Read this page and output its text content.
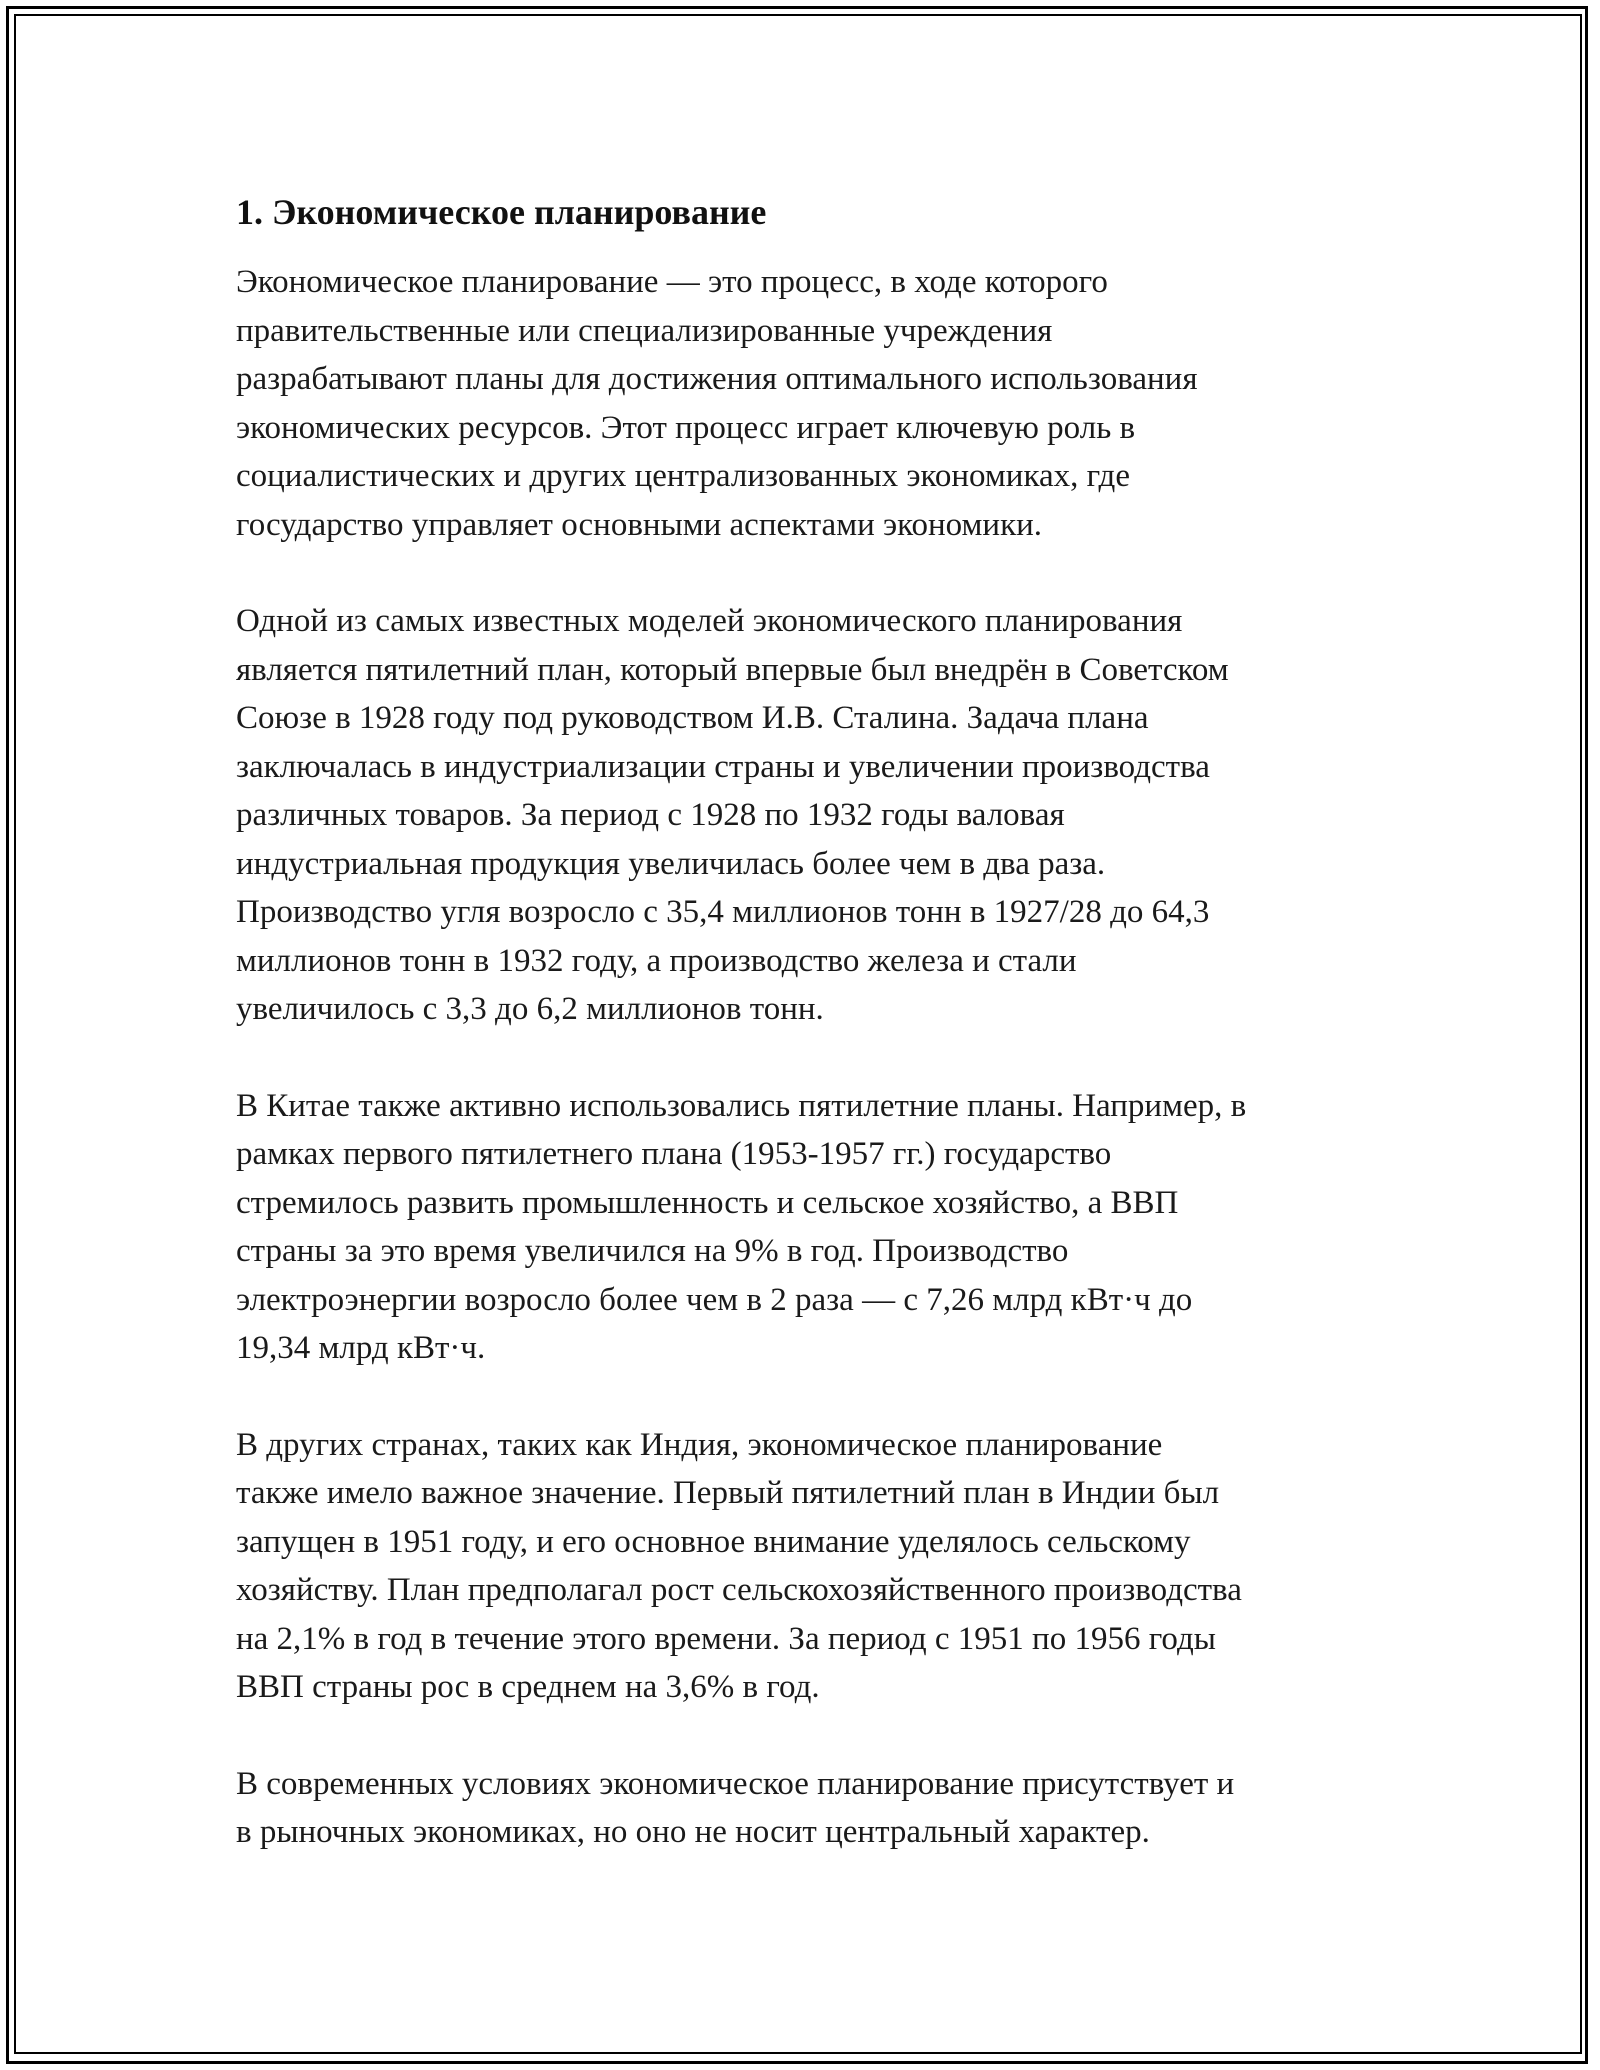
1. Экономическое планирование

Экономическое планирование — это процесс, в ходе которого
правительственные или специализированные учреждения
разрабатывают планы для достижения оптимального использования
экономических ресурсов. Этот процесс играет ключевую роль в
социалистических и других централизованных экономиках, где
государство управляет основными аспектами экономики.

Одной из самых известных моделей экономического планирования
является пятилетний план, который впервые был внедрён в Советском
Союзе в 1928 году под руководством И.В. Сталина. Задача плана
заключалась в индустриализации страны и увеличении производства
различных товаров. За период с 1928 по 1932 годы валовая
индустриальная продукция увеличилась более чем в два раза.
Производство угля возросло с 35,4 миллионов тонн в 1927/28 до 64,3
миллионов тонн в 1932 году, а производство железа и стали
увеличилось с 3,3 до 6,2 миллионов тонн.

В Китае также активно использовались пятилетние планы. Например, в
рамках первого пятилетнего плана (1953-1957 гг.) государство
стремилось развить промышленность и сельское хозяйство, а ВВП
страны за это время увеличился на 9% в год. Производство
электроэнергии возросло более чем в 2 раза — с 7,26 млрд кВт·ч до
19,34 млрд кВт·ч.

В других странах, таких как Индия, экономическое планирование
также имело важное значение. Первый пятилетний план в Индии был
запущен в 1951 году, и его основное внимание уделялось сельскому
хозяйству. План предполагал рост сельскохозяйственного производства
на 2,1% в год в течение этого времени. За период с 1951 по 1956 годы
ВВП страны рос в среднем на 3,6% в год.

В современных условиях экономическое планирование присутствует и
в рыночных экономиках, но оно не носит центральный характер.
